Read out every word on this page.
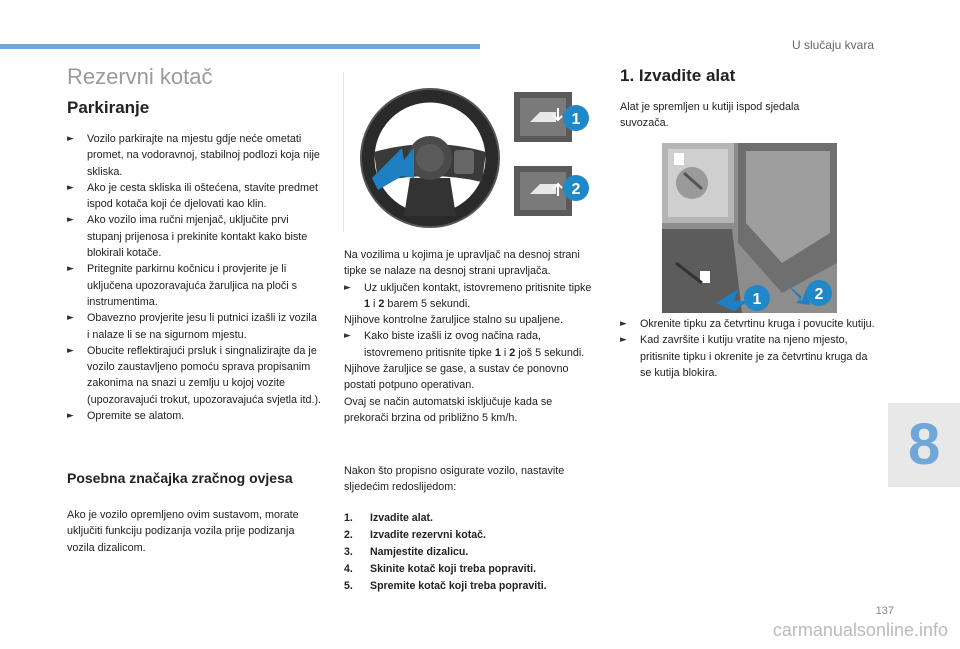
U slučaju kvara
Rezervni kotač
Parkiranje
► Vozilo parkirajte na mjestu gdje neće ometati promet, na vodoravnoj, stabilnoj podlozi koja nije skliska.
► Ako je cesta skliska ili oštećena, stavite predmet ispod kotača koji će djelovati kao klin.
► Ako vozilo ima ručni mjenjač, uključite prvi stupanj prijenosa i prekinite kontakt kako biste blokirali kotače.
► Pritegnite parkirnu kočnicu i provjerite je li uključena upozoravajuća žaruljica na ploči s instrumentima.
► Obavezno provjerite jesu li putnici izašli iz vozila i nalaze li se na sigurnom mjestu.
► Obucite reflektirajući prsluk i singnalizirajte da je vozilo zaustavljeno pomoću sprava propisanim zakonima na snazi u zemlju u kojoj vozite (upozoravajući trokut, upozoravajuća svjetla itd.).
► Opremite se alatom.
Posebna značajka zračnog ovjesa

Ako je vozilo opremljeno ovim sustavom, morate uključiti funkciju podizanja vozila prije podizanja vozila dizalicom.

1
2

Na vozilima u kojima je upravljač na desnoj strani tipke se nalaze na desnoj strani upravljača.

► Uz uključen kontakt, istovremeno pritisnite tipke 1 i 2 barem 5 sekundi.

Njihove kontrolne žaruljice stalno su upaljene.

► Kako biste izašli iz ovog načina rada, istovremeno pritisnite tipke 1 i 2 još 5 sekundi.

Njihove žaruljice se gase, a sustav će ponovno postati potpuno operativan.

Ovaj se način automatski isključuje kada se prekorači brzina od približno 5 km/h.

Nakon što propisno osigurate vozilo, nastavite sljedećim redoslijedom:

1.	Izvadite alat.
2.	Izvadite rezervni kotač.
3.	Namjestite dizalicu.
4.	Skinite kotač koji treba popraviti.
5.	Spremite kotač koji treba popraviti.
1. Izvadite alat

Alat je spremljen u kutiji ispod sjedala suvozača.

1	2
► Okrenite tipku za četvrtinu kruga i povucite kutiju.
► Kad završite i kutiju vratite na njeno mjesto, pritisnite tipku i okrenite je za četvrtinu kruga da se kutija blokira.
8
137
carmanualsonline.info
